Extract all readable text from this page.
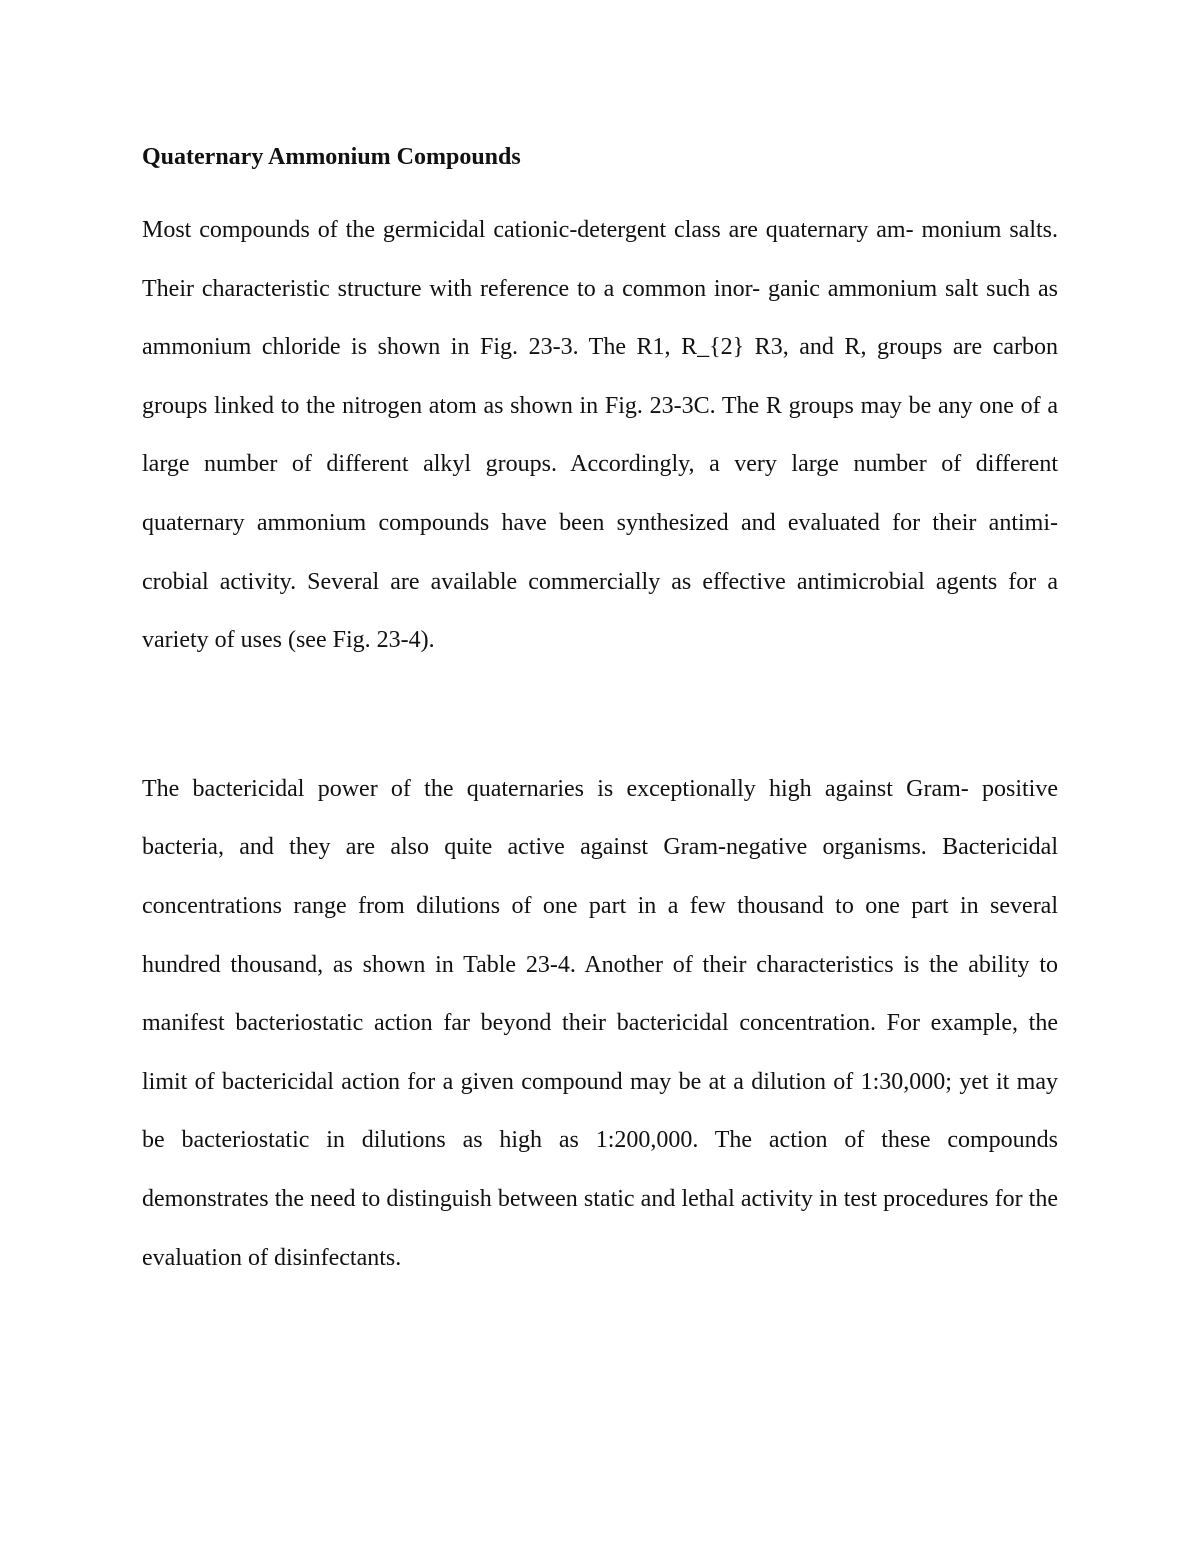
Quaternary Ammonium Compounds

Most compounds of the germicidal cationic-detergent class are quaternary am- monium salts. Their characteristic structure with reference to a common inor- ganic ammonium salt such as ammonium chloride is shown in Fig. 23-3. The R1, R_{2} R3, and R, groups are carbon groups linked to the nitrogen atom as shown in Fig. 23-3C. The R groups may be any one of a large number of different alkyl groups. Accordingly, a very large number of different quaternary ammonium compounds have been synthesized and evaluated for their antimi- crobial activity. Several are available commercially as effective antimicrobial agents for a variety of uses (see Fig. 23-4).

The bactericidal power of the quaternaries is exceptionally high against Gram- positive bacteria, and they are also quite active against Gram-negative organisms. Bactericidal concentrations range from dilutions of one part in a few thousand to one part in several hundred thousand, as shown in Table 23-4. Another of their characteristics is the ability to manifest bacteriostatic action far beyond their bactericidal concentration. For example, the limit of bactericidal action for a given compound may be at a dilution of 1:30,000; yet it may be bacteriostatic in dilutions as high as 1:200,000. The action of these compounds demonstrates the need to distinguish between static and lethal activity in test procedures for the evaluation of disinfectants.
